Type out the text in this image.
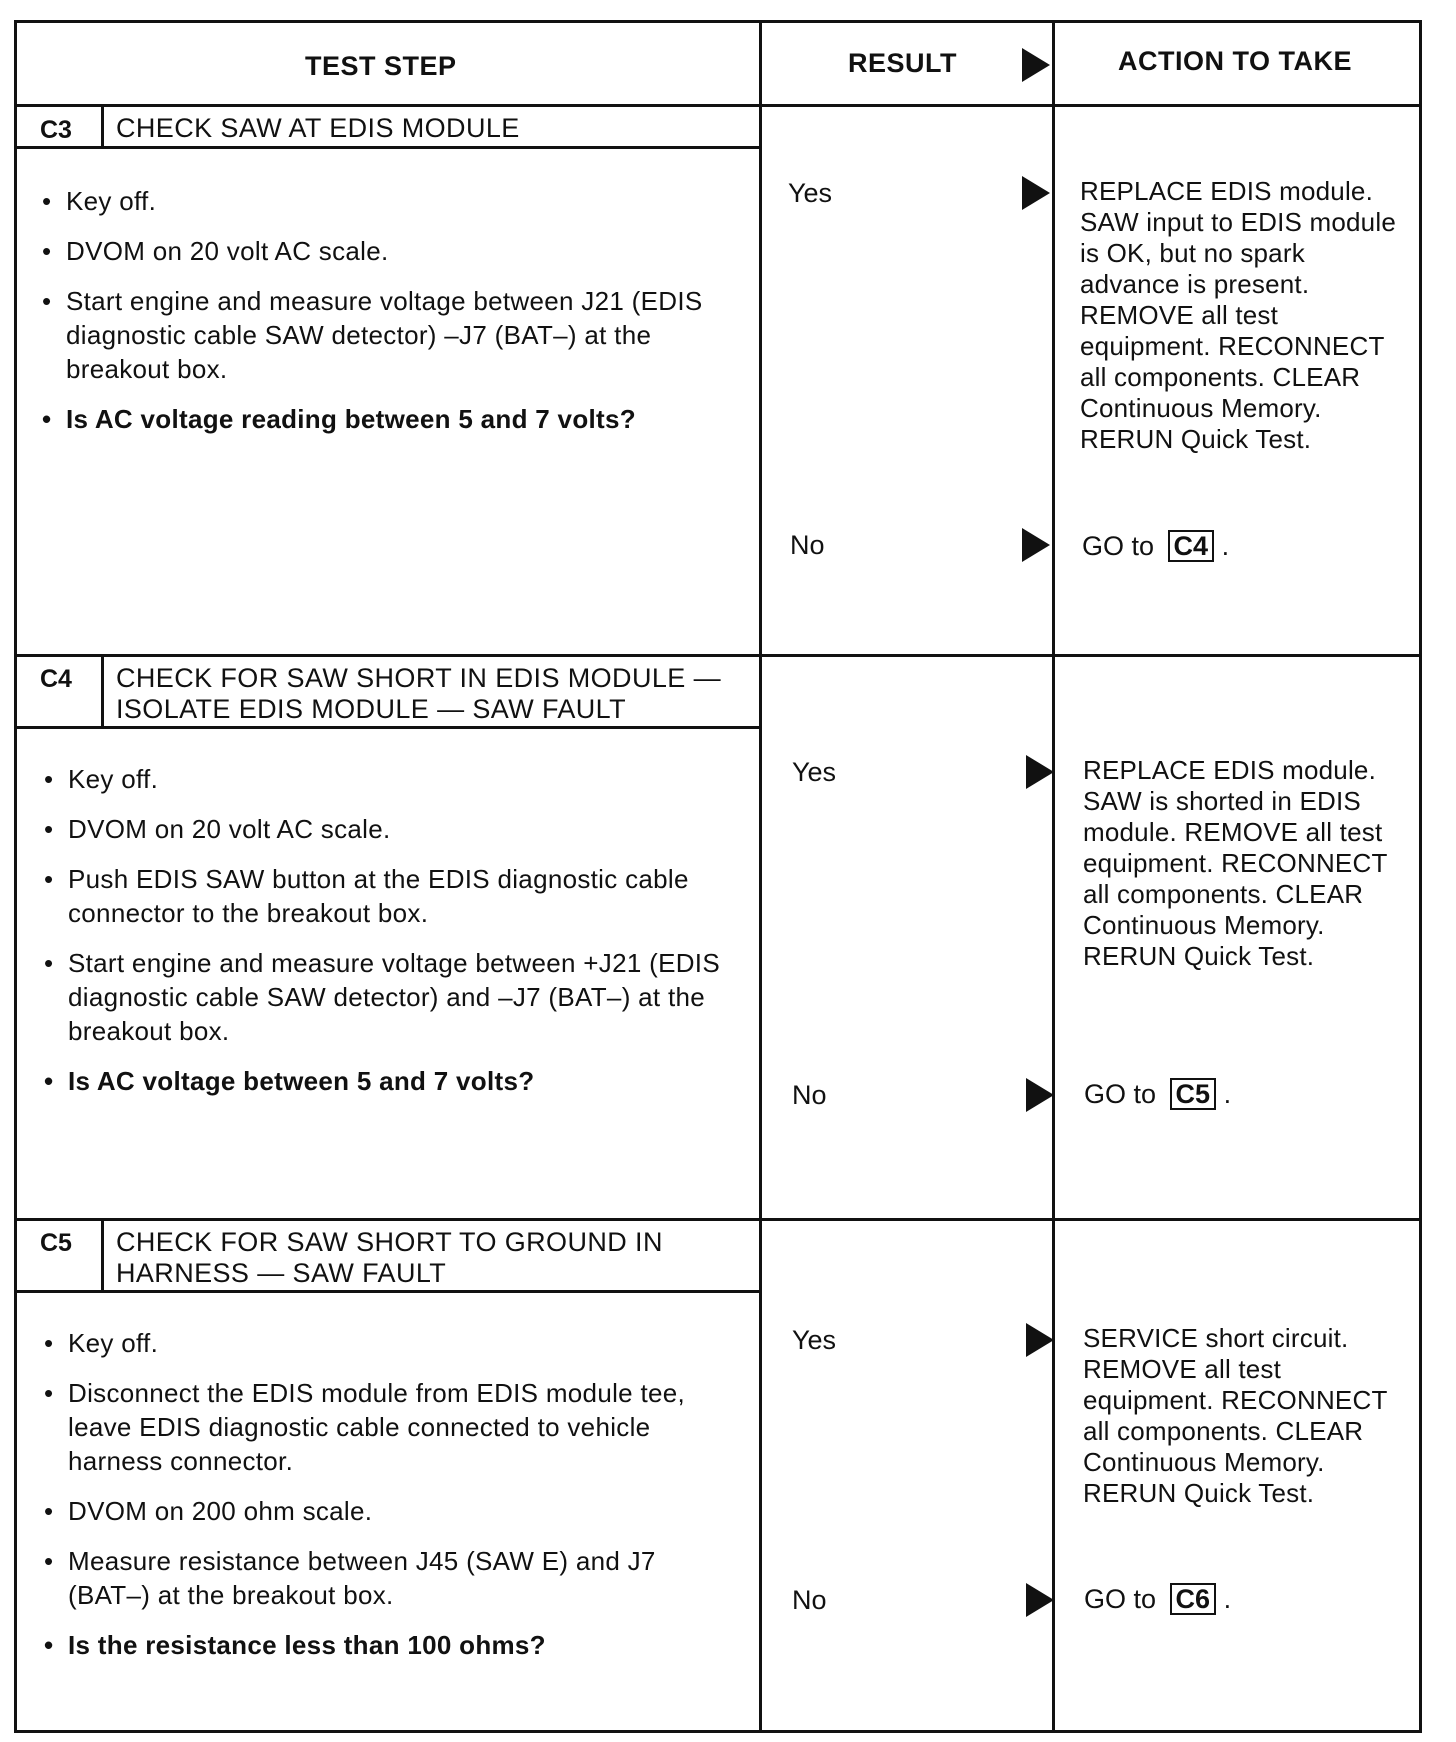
TEST STEP	RESULT	ACTION TO TAKE
C3 CHECK SAW AT EDIS MODULE
• Key off.
• DVOM on 20 volt AC scale.
• Start engine and measure voltage between J21 (EDIS diagnostic cable SAW detector) –J7 (BAT–) at the breakout box.
• Is AC voltage reading between 5 and 7 volts?
Yes	REPLACE EDIS module. SAW input to EDIS module is OK, but no spark advance is present. REMOVE all test equipment. RECONNECT all components. CLEAR Continuous Memory. RERUN Quick Test.
No	GO to C4 .
C4 CHECK FOR SAW SHORT IN EDIS MODULE —
ISOLATE EDIS MODULE — SAW FAULT
• Key off.
• DVOM on 20 volt AC scale.
• Push EDIS SAW button at the EDIS diagnostic cable connector to the breakout box.
• Start engine and measure voltage between +J21 (EDIS diagnostic cable SAW detector) and –J7 (BAT–) at the breakout box.
• Is AC voltage between 5 and 7 volts?
Yes	REPLACE EDIS module. SAW is shorted in EDIS module. REMOVE all test equipment. RECONNECT all components. CLEAR Continuous Memory. RERUN Quick Test.
No	GO to C5 .
C5 CHECK FOR SAW SHORT TO GROUND IN
HARNESS — SAW FAULT
• Key off.
• Disconnect the EDIS module from EDIS module tee, leave EDIS diagnostic cable connected to vehicle harness connector.
• DVOM on 200 ohm scale.
• Measure resistance between J45 (SAW E) and J7 (BAT–) at the breakout box.
• Is the resistance less than 100 ohms?
Yes	SERVICE short circuit. REMOVE all test equipment. RECONNECT all components. CLEAR Continuous Memory. RERUN Quick Test.
No	GO to C6 .
